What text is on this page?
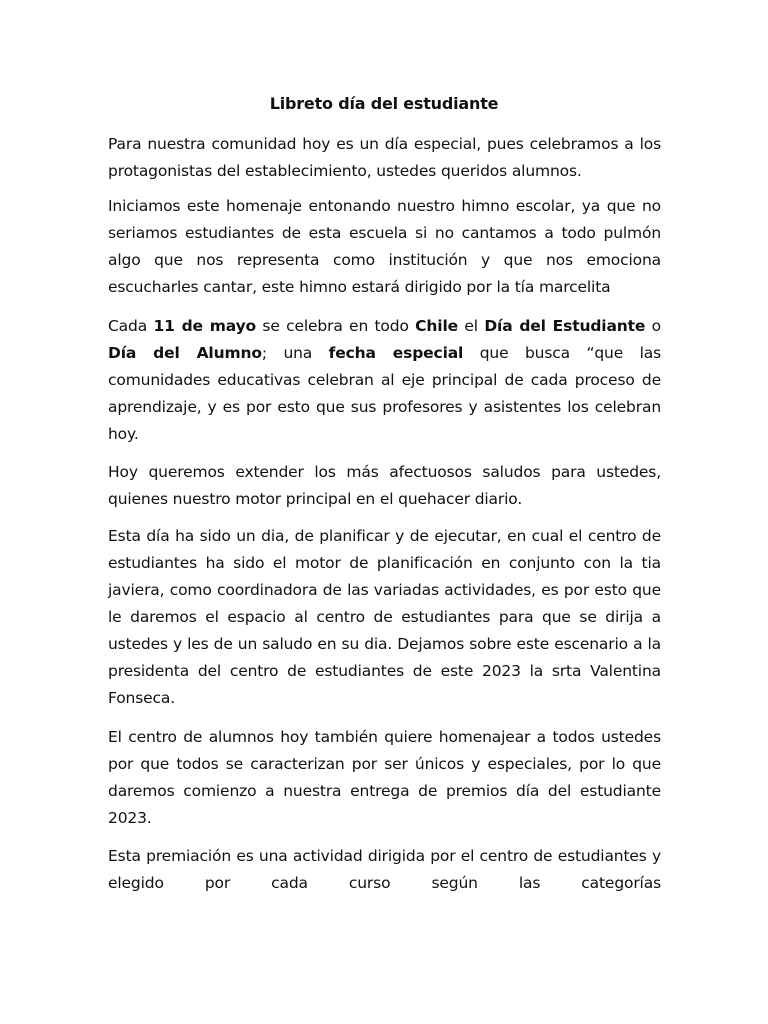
Libreto día del estudiante
Para nuestra comunidad hoy es un día especial, pues celebramos a los protagonistas del establecimiento, ustedes queridos alumnos.
Iniciamos este homenaje entonando nuestro himno escolar, ya que no seriamos estudiantes de esta escuela si no cantamos a todo pulmón algo que nos representa como institución y que nos emociona escucharles cantar, este himno estará dirigido por la tía marcelita
Cada 11 de mayo se celebra en todo Chile el Día del Estudiante o Día del Alumno; una fecha especial que busca “que las comunidades educativas celebran al eje principal de cada proceso de aprendizaje, y es por esto que sus profesores y asistentes los celebran hoy.
Hoy queremos extender los más afectuosos saludos para ustedes, quienes nuestro motor principal en el quehacer diario.
Esta día ha sido un dia, de planificar y de ejecutar, en cual el centro de estudiantes ha sido el motor de planificación en conjunto con la tia javiera, como coordinadora de las variadas actividades, es por esto que le daremos el espacio al centro de estudiantes para que se dirija a ustedes y les de un saludo en su dia. Dejamos sobre este escenario a la presidenta del centro de estudiantes de este 2023 la srta Valentina Fonseca.
El centro de alumnos hoy también quiere homenajear a todos ustedes por que todos se caracterizan por ser únicos y especiales, por lo que daremos comienzo a nuestra entrega de premios día del estudiante 2023.
Esta premiación es una actividad dirigida por el centro de estudiantes y elegido por cada curso según las categorías
